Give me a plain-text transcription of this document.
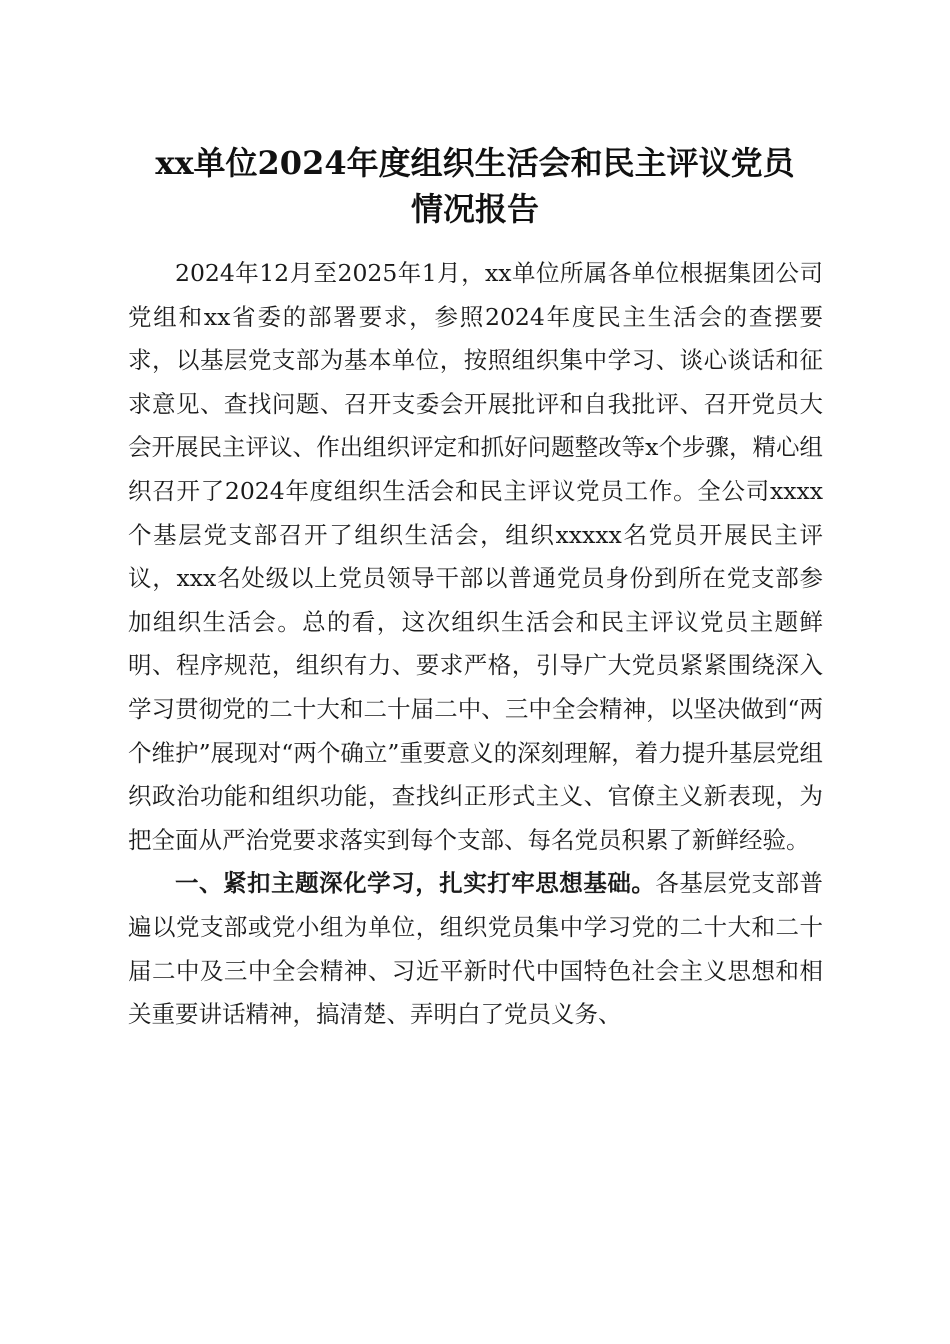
xx单位2024年度组织生活会和民主评议党员
情况报告

2024年12月至2025年1月，xx单位所属各单位根据集团公司党组和xx省委的部署要求，参照2024年度民主生活会的查摆要求，以基层党支部为基本单位，按照组织集中学习、谈心谈话和征求意见、查找问题、召开支委会开展批评和自我批评、召开党员大会开展民主评议、作出组织评定和抓好问题整改等x个步骤，精心组织召开了2024年度组织生活会和民主评议党员工作。全公司xxxx个基层党支部召开了组织生活会，组织xxxxx名党员开展民主评议，xxx名处级以上党员领导干部以普通党员身份到所在党支部参加组织生活会。总的看，这次组织生活会和民主评议党员主题鲜明、程序规范，组织有力、要求严格，引导广大党员紧紧围绕深入学习贯彻党的二十大和二十届二中、三中全会精神，以坚决做到“两个维护”展现对“两个确立”重要意义的深刻理解，着力提升基层党组织政治功能和组织功能，查找纠正形式主义、官僚主义新表现，为把全面从严治党要求落实到每个支部、每名党员积累了新鲜经验。

一、紧扣主题深化学习，扎实打牢思想基础。各基层党支部普遍以党支部或党小组为单位，组织党员集中学习党的二十大和二十届二中及三中全会精神、习近平新时代中国特色社会主义思想和相关重要讲话精神，搞清楚、弄明白了党员义务、
